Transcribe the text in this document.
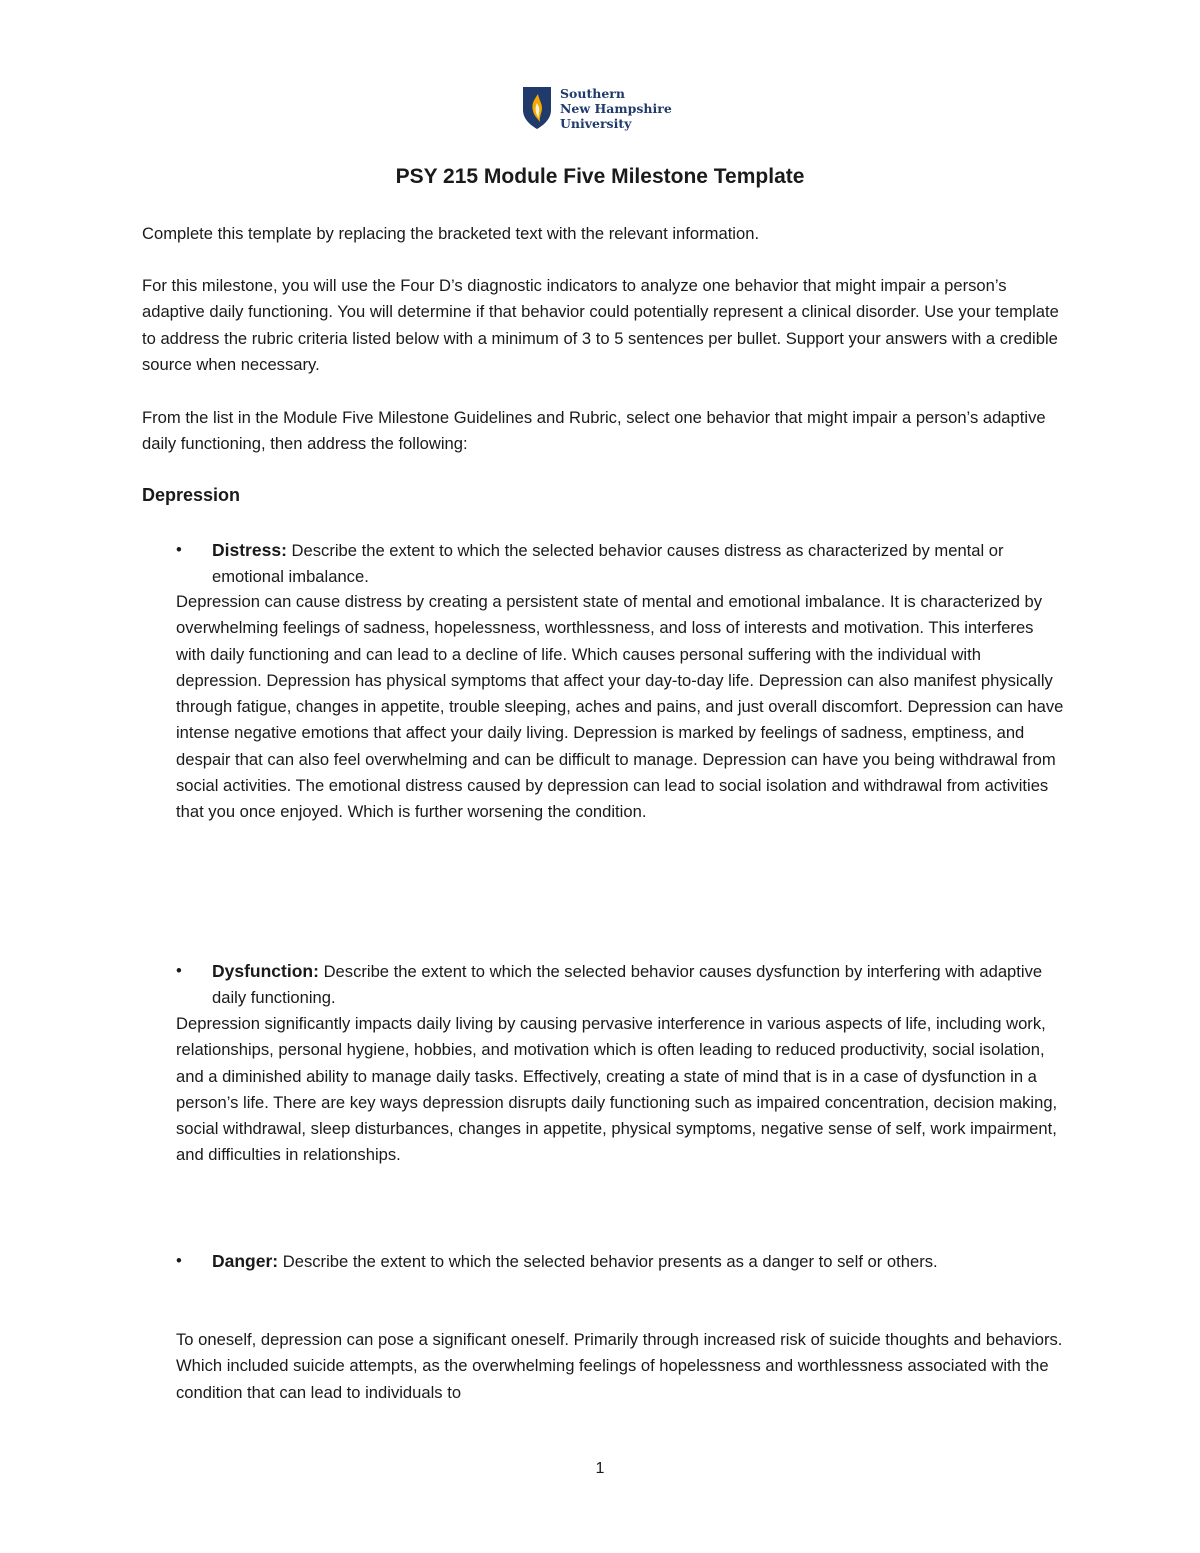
Southern
New Hampshire
University
PSY 215 Module Five Milestone Template
Complete this template by replacing the bracketed text with the relevant information.
For this milestone, you will use the Four D’s diagnostic indicators to analyze one behavior that might impair a person’s adaptive daily functioning. You will determine if that behavior could potentially represent a clinical disorder. Use your template to address the rubric criteria listed below with a minimum of 3 to 5 sentences per bullet. Support your answers with a credible source when necessary.
From the list in the Module Five Milestone Guidelines and Rubric, select one behavior that might impair a person’s adaptive daily functioning, then address the following:
Depression
•	Distress: Describe the extent to which the selected behavior causes distress as characterized by mental or emotional imbalance.
Depression can cause distress by creating a persistent state of mental and emotional imbalance. It is characterized by overwhelming feelings of sadness, hopelessness, worthlessness, and loss of interests and motivation. This interferes with daily functioning and can lead to a decline of life. Which causes personal suffering with the individual with depression. Depression has physical symptoms that affect your day-to-day life. Depression can also manifest physically through fatigue, changes in appetite, trouble sleeping, aches and pains, and just overall discomfort. Depression can have intense negative emotions that affect your daily living. Depression is marked by feelings of sadness, emptiness, and despair that can also feel overwhelming and can be difficult to manage. Depression can have you being withdrawal from social activities. The emotional distress caused by depression can lead to social isolation and withdrawal from activities that you once enjoyed. Which is further worsening the condition.
•	Dysfunction: Describe the extent to which the selected behavior causes dysfunction by interfering with adaptive daily functioning.
Depression significantly impacts daily living by causing pervasive interference in various aspects of life, including work, relationships, personal hygiene, hobbies, and motivation which is often leading to reduced productivity, social isolation, and a diminished ability to manage daily tasks. Effectively, creating a state of mind that is in a case of dysfunction in a person’s life. There are key ways depression disrupts daily functioning such as impaired concentration, decision making, social withdrawal, sleep disturbances, changes in appetite, physical symptoms, negative sense of self, work impairment, and difficulties in relationships.
•	Danger: Describe the extent to which the selected behavior presents as a danger to self or others.
To oneself, depression can pose a significant oneself. Primarily through increased risk of suicide thoughts and behaviors. Which included suicide attempts, as the overwhelming feelings of hopelessness and worthlessness associated with the condition that can lead to individuals to
1
